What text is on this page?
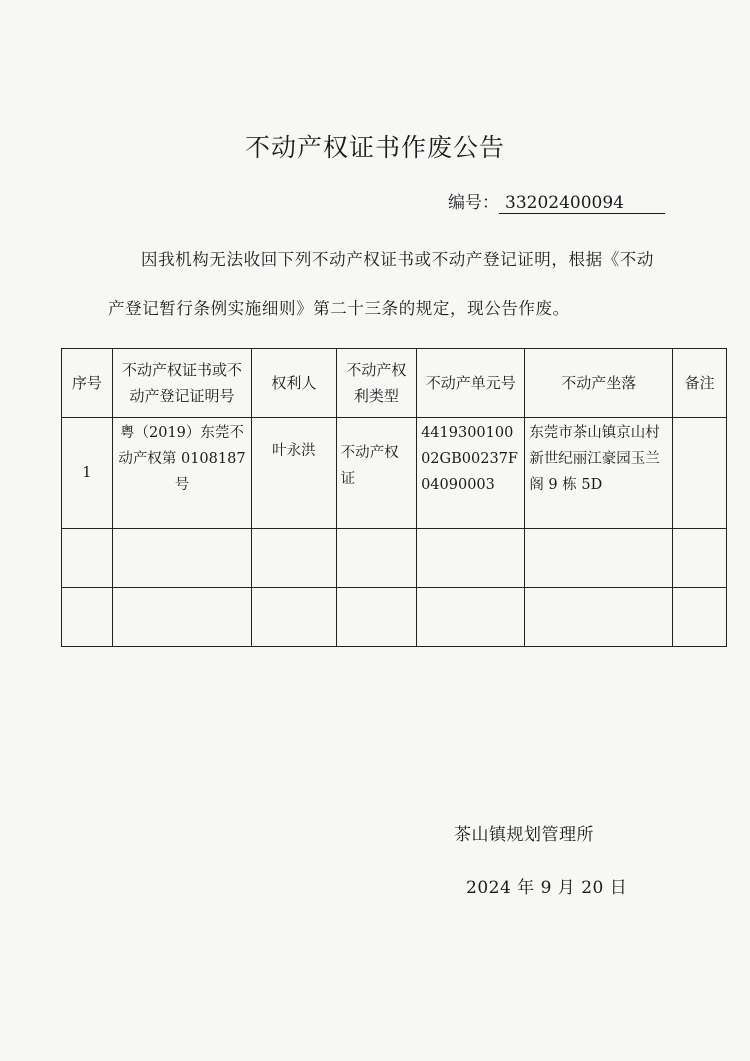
不动产权证书作废公告
编号： 33202400094
因我机构无法收回下列不动产权证书或不动产登记证明，根据《不动
产登记暂行条例实施细则》第二十三条的规定，现公告作废。
序号	不动产权证书或不动产登记证明号	权利人	不动产权利类型	不动产单元号	不动产坐落	备注
1	粤（2019）东莞不动产权第 0108187 号	叶永洪	不动产权证	441930010002GB00237F04090003	东莞市茶山镇京山村新世纪丽江豪园玉兰阁 9 栋 5D	

茶山镇规划管理所
2024 年 9 月 20 日
